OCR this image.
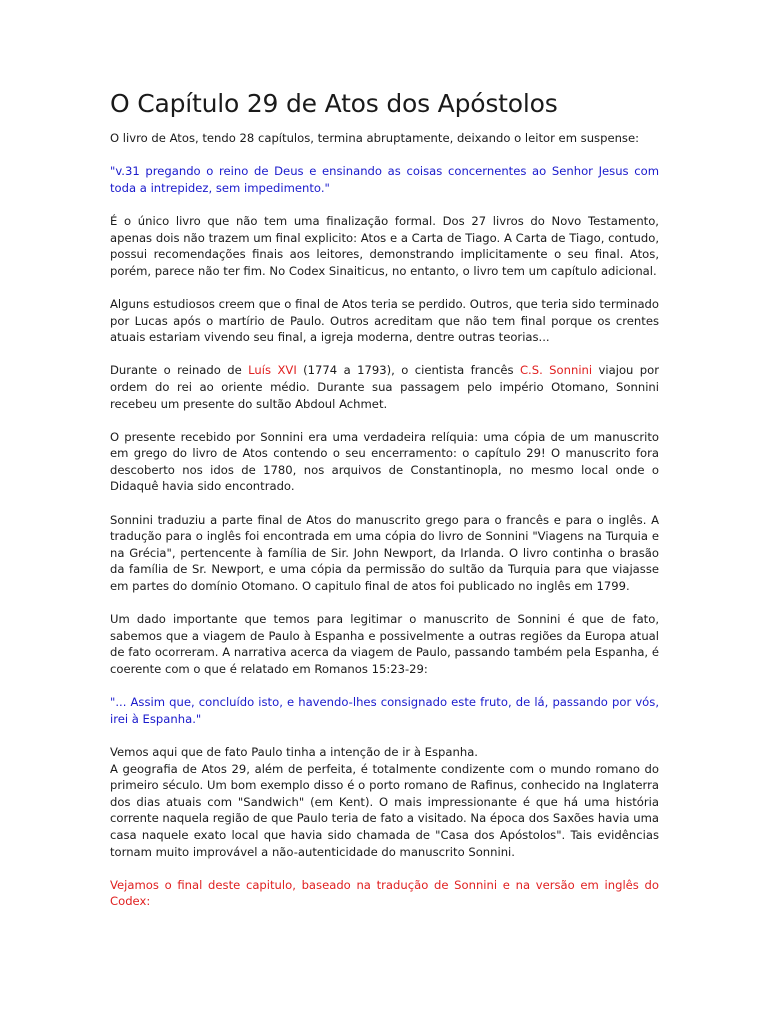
O Capítulo 29 de Atos dos Apóstolos

O livro de Atos, tendo 28 capítulos, termina abruptamente, deixando o leitor em suspense:

"v.31 pregando o reino de Deus e ensinando as coisas concernentes ao Senhor Jesus com toda a intrepidez, sem impedimento."

É o único livro que não tem uma finalização formal. Dos 27 livros do Novo Testamento, apenas dois não trazem um final explicito: Atos e a Carta de Tiago. A Carta de Tiago, contudo, possui recomendações finais aos leitores, demonstrando implicitamente o seu final. Atos, porém, parece não ter fim. No Codex Sinaiticus, no entanto, o livro tem um capítulo adicional.

Alguns estudiosos creem que o final de Atos teria se perdido. Outros, que teria sido terminado por Lucas após o martírio de Paulo. Outros acreditam que não tem final porque os crentes atuais estariam vivendo seu final, a igreja moderna, dentre outras teorias...

Durante o reinado de Luís XVI (1774 a 1793), o cientista francês C.S. Sonnini viajou por ordem do rei ao oriente médio. Durante sua passagem pelo império Otomano, Sonnini recebeu um presente do sultão Abdoul Achmet.

O presente recebido por Sonnini era uma verdadeira relíquia: uma cópia de um manuscrito em grego do livro de Atos contendo o seu encerramento: o capítulo 29! O manuscrito fora descoberto nos idos de 1780, nos arquivos de Constantinopla, no mesmo local onde o Didaquê havia sido encontrado.

Sonnini traduziu a parte final de Atos do manuscrito grego para o francês e para o inglês. A tradução para o inglês foi encontrada em uma cópia do livro de Sonnini "Viagens na Turquia e na Grécia", pertencente à família de Sir. John Newport, da Irlanda. O livro continha o brasão da família de Sr. Newport, e uma cópia da permissão do sultão da Turquia para que viajasse em partes do domínio Otomano. O capitulo final de atos foi publicado no inglês em 1799.

Um dado importante que temos para legitimar o manuscrito de Sonnini é que de fato, sabemos que a viagem de Paulo à Espanha e possivelmente a outras regiões da Europa atual de fato ocorreram. A narrativa acerca da viagem de Paulo, passando também pela Espanha, é coerente com o que é relatado em Romanos 15:23-29:

"... Assim que, concluído isto, e havendo-lhes consignado este fruto, de lá, passando por vós, irei à Espanha."

Vemos aqui que de fato Paulo tinha a intenção de ir à Espanha.

A geografia de Atos 29, além de perfeita, é totalmente condizente com o mundo romano do primeiro século. Um bom exemplo disso é o porto romano de Rafinus, conhecido na Inglaterra dos dias atuais com "Sandwich" (em Kent). O mais impressionante é que há uma história corrente naquela região de que Paulo teria de fato a visitado. Na época dos Saxões havia uma casa naquele exato local que havia sido chamada de "Casa dos Apóstolos". Tais evidências tornam muito improvável a não-autenticidade do manuscrito Sonnini.

Vejamos o final deste capitulo, baseado na tradução de Sonnini e na versão em inglês do Codex:
